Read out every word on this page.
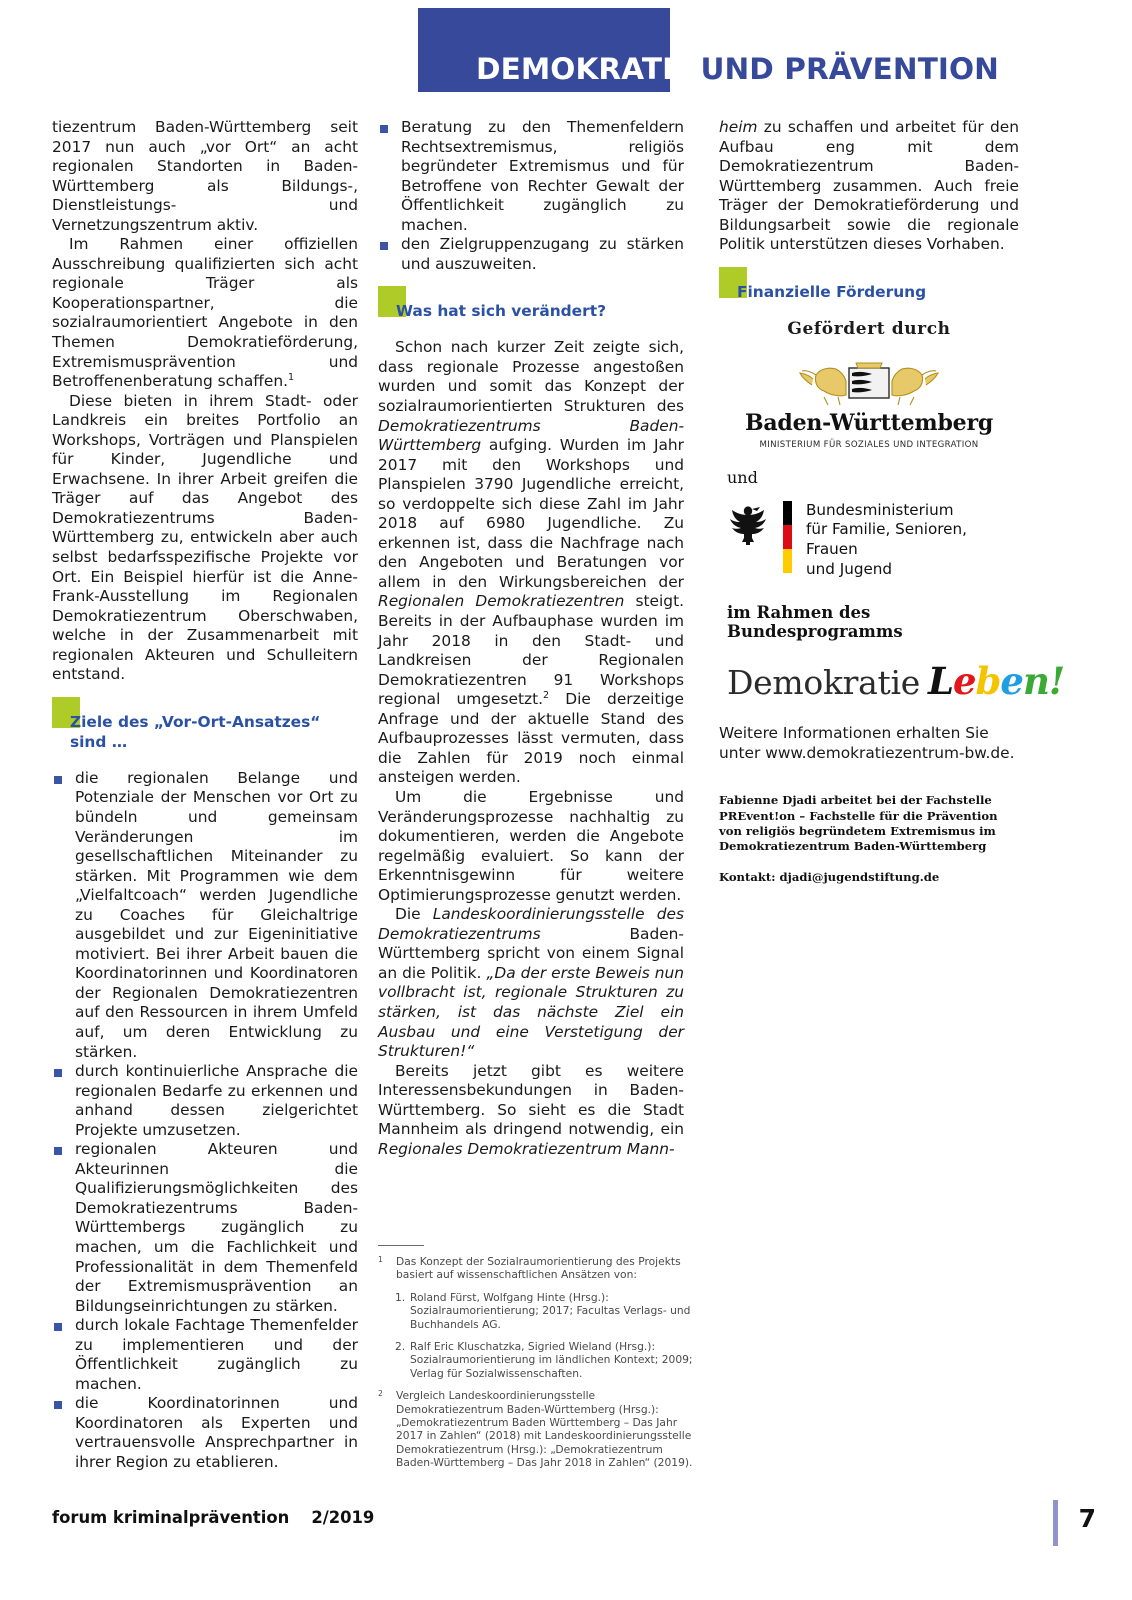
DEMOKRATIE UND PRÄVENTION

tiezentrum Baden-Württemberg seit 2017 nun auch „vor Ort“ an acht regionalen Standorten in Baden-Württemberg als Bildungs-, Dienstleistungs- und Vernetzungszentrum aktiv.

Im Rahmen einer offiziellen Ausschreibung qualifizierten sich acht regionale Träger als Kooperationspartner, die sozialraumorientiert Angebote in den Themen Demokratieförderung, Extremismusprävention und Betroffenenberatung schaffen.$^1$

Diese bieten in ihrem Stadt- oder Landkreis ein breites Portfolio an Workshops, Vorträgen und Planspielen für Kinder, Jugendliche und Erwachsene. In ihrer Arbeit greifen die Träger auf das Angebot des Demokratiezentrums Baden-Württemberg zu, entwickeln aber auch selbst bedarfsspezifische Projekte vor Ort. Ein Beispiel hierfür ist die Anne-Frank-Ausstellung im Regionalen Demokratiezentrum Oberschwaben, welche in der Zusammenarbeit mit regionalen Akteuren und Schulleitern entstand.

Ziele des „Vor-Ort-Ansatzes“ sind …
die regionalen Belange und Potenziale der Menschen vor Ort zu bündeln und gemeinsam Veränderungen im gesellschaftlichen Miteinander zu stärken. Mit Programmen wie dem „Vielfaltcoach“ werden Jugendliche zu Coaches für Gleichaltrige ausgebildet und zur Eigeninitiative motiviert. Bei ihrer Arbeit bauen die Koordinatorinnen und Koordinatoren der Regionalen Demokratiezentren auf den Ressourcen in ihrem Umfeld auf, um deren Entwicklung zu stärken.
durch kontinuierliche Ansprache die regionalen Bedarfe zu erkennen und anhand dessen zielgerichtet Projekte umzusetzen.
regionalen Akteuren und Akteurinnen die Qualifizierungsmöglichkeiten des Demokratiezentrums Baden-Württembergs zugänglich zu machen, um die Fachlichkeit und Professionalität in dem Themenfeld der Extremismusprävention an Bildungseinrichtungen zu stärken.
durch lokale Fachtage Themenfelder zu implementieren und der Öffentlichkeit zugänglich zu machen.
die Koordinatorinnen und Koordinatoren als Experten und vertrauensvolle Ansprechpartner in ihrer Region zu etablieren.
Beratung zu den Themenfeldern Rechtsextremismus, religiös begründeter Extremismus und für Betroffene von Rechter Gewalt der Öffentlichkeit zugänglich zu machen.
den Zielgruppenzugang zu stärken und auszuweiten.
Was hat sich verändert?

Schon nach kurzer Zeit zeigte sich, dass regionale Prozesse angestoßen wurden und somit das Konzept der sozialraumorientierten Strukturen des Demokratiezentrums Baden-Württemberg aufging. Wurden im Jahr 2017 mit den Workshops und Planspielen 3790 Jugendliche erreicht, so verdoppelte sich diese Zahl im Jahr 2018 auf 6980 Jugendliche. Zu erkennen ist, dass die Nachfrage nach den Angeboten und Beratungen vor allem in den Wirkungsbereichen der Regionalen Demokratiezentren steigt. Bereits in der Aufbauphase wurden im Jahr 2018 in den Stadt- und Landkreisen der Regionalen Demokratiezentren 91 Workshops regional umgesetzt.$^2$ Die derzeitige Anfrage und der aktuelle Stand des Aufbauprozesses lässt vermuten, dass die Zahlen für 2019 noch einmal ansteigen werden.

Um die Ergebnisse und Veränderungsprozesse nachhaltig zu dokumentieren, werden die Angebote regelmäßig evaluiert. So kann der Erkenntnisgewinn für weitere Optimierungsprozesse genutzt werden.

Die Landeskoordinierungsstelle des Demokratiezentrums Baden-Württemberg spricht von einem Signal an die Politik. „Da der erste Beweis nun vollbracht ist, regionale Strukturen zu stärken, ist das nächste Ziel ein Ausbau und eine Verstetigung der Strukturen!“

Bereits jetzt gibt es weitere Interessensbekundungen in Baden-Württemberg. So sieht es die Stadt Mannheim als dringend notwendig, ein Regionales Demokratiezentrum Mann-

heim zu schaffen und arbeitet für den Aufbau eng mit dem Demokratiezentrum Baden-Württemberg zusammen. Auch freie Träger der Demokratieförderung und Bildungsarbeit sowie die regionale Politik unterstützen dieses Vorhaben.

Finanzielle Förderung
Gefördert durch
Baden-Württemberg
MINISTERIUM FÜR SOZIALES UND INTEGRATION
und
Bundesministerium
für Familie, Senioren, Frauen
und Jugend
im Rahmen des Bundesprogramms
Demokratie Leben!
Weitere Informationen erhalten Sie unter www.demokratiezentrum-bw.de.
Fabienne Djadi arbeitet bei der Fachstelle PREvent!on – Fachstelle für die Prävention von religiös begründetem Extremismus im Demokratiezentrum Baden-Württemberg
Kontakt: djadi@jugendstiftung.de
1 Das Konzept der Sozialraumorientierung des Projekts basiert auf wissenschaftlichen Ansätzen von:
1. Roland Fürst, Wolfgang Hinte (Hrsg.): Sozialraumorientierung; 2017; Facultas Verlags- und Buchhandels AG.
2. Ralf Eric Kluschatzka, Sigried Wieland (Hrsg.): Sozialraumorientierung im ländlichen Kontext; 2009; Verlag für Sozialwissenschaften.
2 Vergleich Landeskoordinierungsstelle Demokratiezentrum Baden-Württemberg (Hrsg.): „Demokratiezentrum Baden Württemberg – Das Jahr 2017 in Zahlen“ (2018) mit Landeskoordinierungsstelle Demokratiezentrum (Hrsg.): „Demokratiezentrum Baden-Württemberg – Das Jahr 2018 in Zahlen“ (2019).
forum kriminalprävention 2/2019	7
